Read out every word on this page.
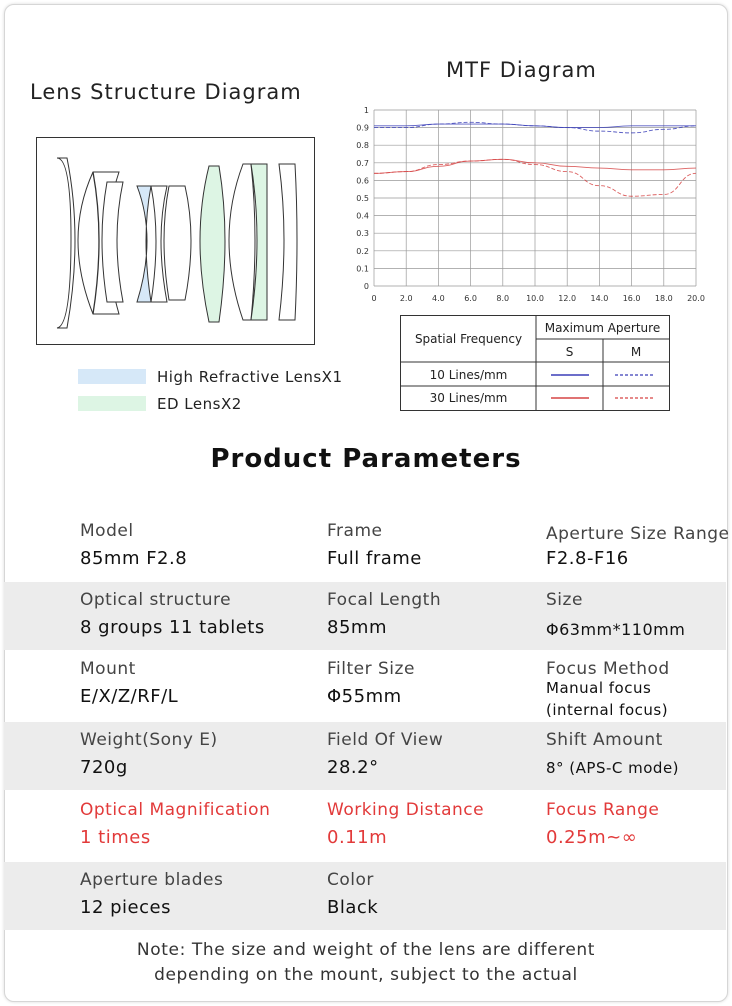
Lens Structure Diagram
High Refractive LensX1
ED LensX2
MTF Diagram
1
0.9
0.8
0.7
0.6
0.5
0.4
0.3
0.2
0.1
0
0	2.0 4.0 6.0 8.0 10.0 12.0 14.0 16.0 18.0 20.0
Spatial Frequency
Maximum Aperture
S	M
10 Lines/mm
30 Lines/mm
Product Parameters
Model
85mm F2.8
Frame
Full frame
Aperture Size Range
F2.8-F16
Optical structure
8 groups 11 tablets
Focal Length
85mm
Size
Φ63mm*110mm
Mount
E/X/Z/RF/L
Filter Size
Φ55mm
Focus Method
Manual focus
(internal focus)
Weight(Sony E)
720g
Field Of View
28.2°
Shift Amount
8° (APS-C mode)
Optical Magnification
1 times
Working Distance
0.11m
Focus Range
0.25m~∞
Aperture blades
12 pieces
Color
Black
Note: The size and weight of the lens are different
depending on the mount, subject to the actual
